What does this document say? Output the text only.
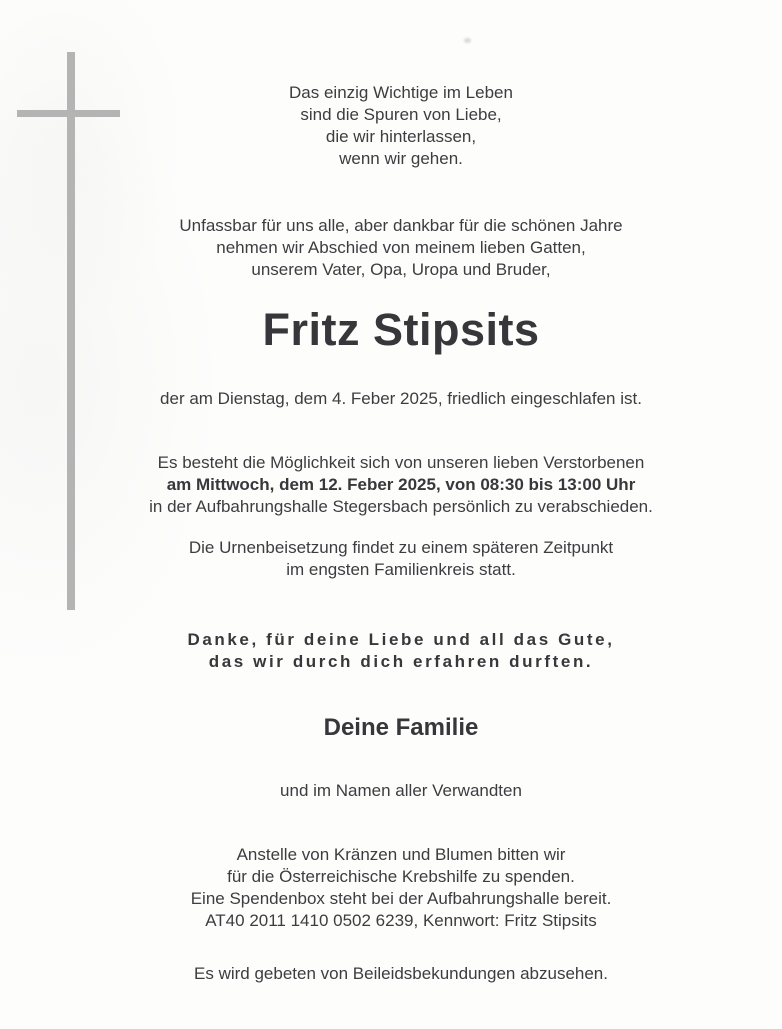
Das einzig Wichtige im Leben
sind die Spuren von Liebe,
die wir hinterlassen,
wenn wir gehen.
Unfassbar für uns alle, aber dankbar für die schönen Jahre
nehmen wir Abschied von meinem lieben Gatten,
unserem Vater, Opa, Uropa und Bruder,
Fritz Stipsits
der am Dienstag, dem 4. Feber 2025, friedlich eingeschlafen ist.
Es besteht die Möglichkeit sich von unseren lieben Verstorbenen
am Mittwoch, dem 12. Feber 2025, von 08:30 bis 13:00 Uhr
in der Aufbahrungshalle Stegersbach persönlich zu verabschieden.
Die Urnenbeisetzung findet zu einem späteren Zeitpunkt
im engsten Familienkreis statt.
Danke, für deine Liebe und all das Gute,
das wir durch dich erfahren durften.
Deine Familie
und im Namen aller Verwandten
Anstelle von Kränzen und Blumen bitten wir
für die Österreichische Krebshilfe zu spenden.
Eine Spendenbox steht bei der Aufbahrungshalle bereit.
AT40 2011 1410 0502 6239, Kennwort: Fritz Stipsits
Es wird gebeten von Beileidsbekundungen abzusehen.
